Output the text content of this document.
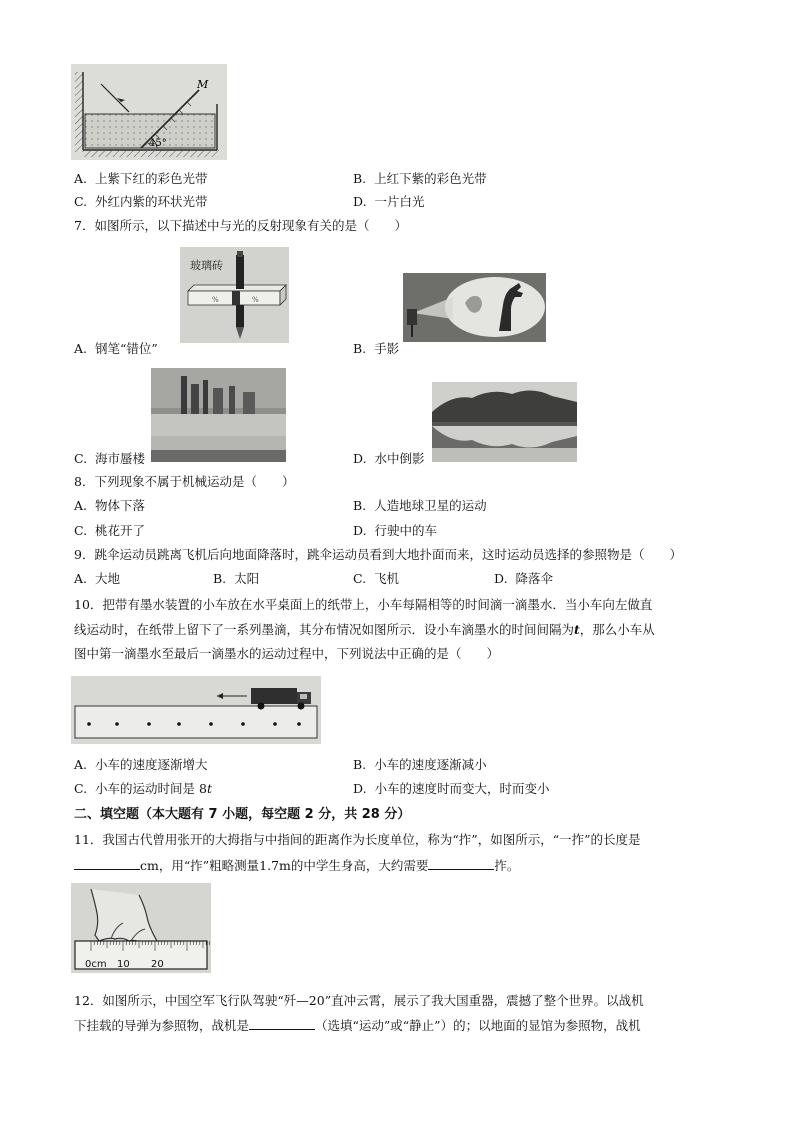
M
45°
A. 上紫下红的彩色光带	B. 上红下紫的彩色光带
C. 外红内紫的环状光带	D. 一片白光
7．如图所示，以下描述中与光的反射现象有关的是（　　）
玻璃砖
%	%
A. 钢笔“错位”	B. 手影
C. 海市蜃楼	D. 水中倒影
8．下列现象不属于机械运动是（　　）
A. 物体下落	B. 人造地球卫星的运动
C. 桃花开了	D. 行驶中的车
9．跳伞运动员跳离飞机后向地面降落时，跳伞运动员看到大地扑面而来，这时运动员选择的参照物是（　　）
A. 大地	B. 太阳	C. 飞机	D. 降落伞
10．把带有墨水装置的小车放在水平桌面上的纸带上，小车每隔相等的时间滴一滴墨水．当小车向左做直
线运动时，在纸带上留下了一系列墨滴，其分布情况如图所示．设小车滴墨水的时间间隔为t，那么小车从
图中第一滴墨水至最后一滴墨水的运动过程中，下列说法中正确的是（　　）
A. 小车的速度逐渐增大	B. 小车的速度逐渐减小
C. 小车的运动时间是 8t	D. 小车的速度时而变大，时而变小
二、填空题（本大题有 7 小题，每空题 2 分，共 28 分）
11．我国古代曾用张开的大拇指与中指间的距离作为长度单位，称为“拃”，如图所示，“一拃”的长度是
cm，用“拃”粗略测量1.7m的中学生身高，大约需要	拃。
0cm 10 20
12．如图所示，中国空军飞行队驾驶“歼—20”直冲云霄，展示了我大国重器，震撼了整个世界。以战机
下挂载的导弹为参照物，战机是	（选填“运动”或“静止”）的；以地面的显馆为参照物，战机
